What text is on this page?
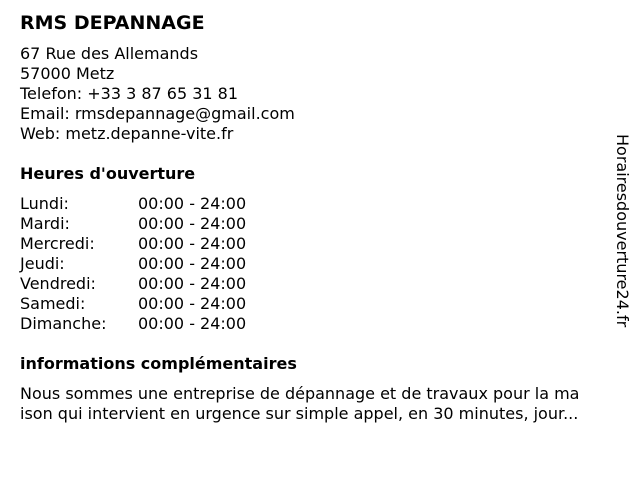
RMS DEPANNAGE
67 Rue des Allemands
57000 Metz
Telefon: +33 3 87 65 31 81
Email: rmsdepannage@gmail.com
Web: metz.depanne-vite.fr
Heures d'ouverture
Lundi:	00:00 - 24:00
Mardi:	00:00 - 24:00
Mercredi:	00:00 - 24:00
Jeudi:	00:00 - 24:00
Vendredi:	00:00 - 24:00
Samedi:	00:00 - 24:00
Dimanche:	00:00 - 24:00
informations complémentaires
Nous sommes une entreprise de dépannage et de travaux pour la ma
ison qui intervient en urgence sur simple appel, en 30 minutes, jour...
Horairesdouverture24.fr
